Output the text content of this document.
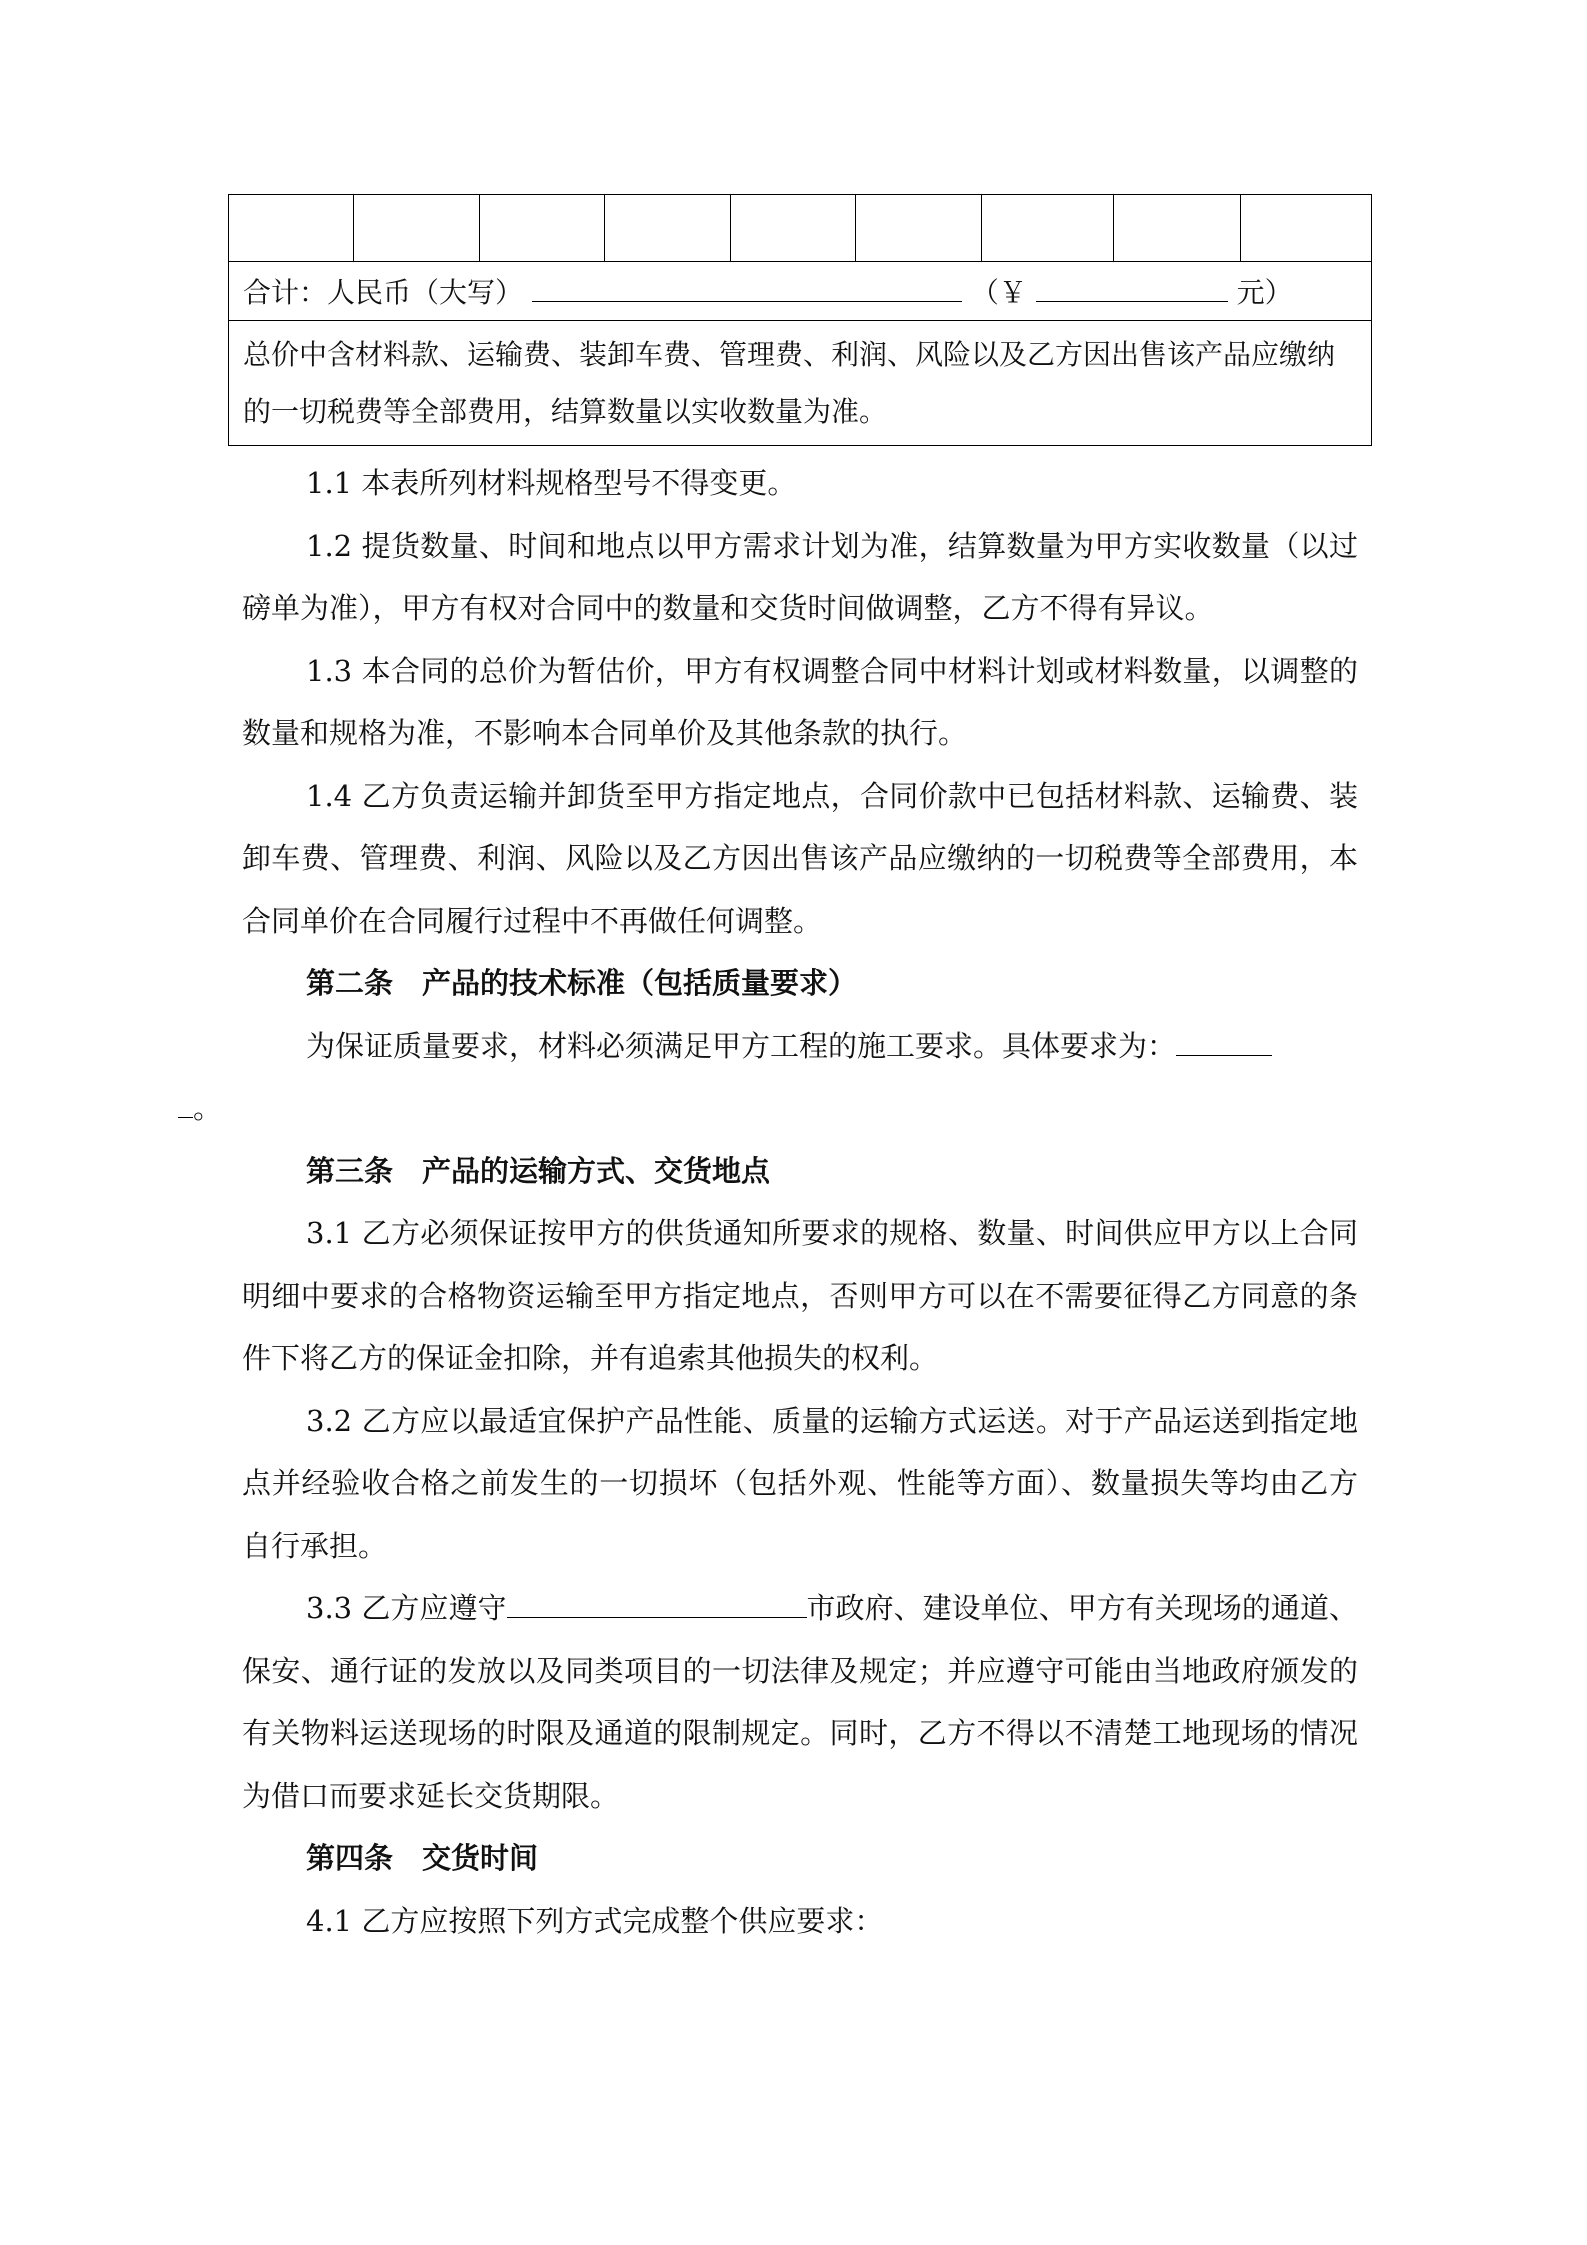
合计：人民币（大写）	（￥	元）
总价中含材料款、运输费、装卸车费、管理费、利润、风险以及乙方因出售该产品应缴纳的一切税费等全部费用，结算数量以实收数量为准。

1.1 本表所列材料规格型号不得变更。

1.2 提货数量、时间和地点以甲方需求计划为准，结算数量为甲方实收数量（以过磅单为准），甲方有权对合同中的数量和交货时间做调整，乙方不得有异议。

1.3 本合同的总价为暂估价，甲方有权调整合同中材料计划或材料数量，以调整的数量和规格为准，不影响本合同单价及其他条款的执行。

1.4 乙方负责运输并卸货至甲方指定地点，合同价款中已包括材料款、运输费、装卸车费、管理费、利润、风险以及乙方因出售该产品应缴纳的一切税费等全部费用，本合同单价在合同履行过程中不再做任何调整。

第二条　产品的技术标准（包括质量要求）

为保证质量要求，材料必须满足甲方工程的施工要求。具体要求为：
。

第三条　产品的运输方式、交货地点

3.1 乙方必须保证按甲方的供货通知所要求的规格、数量、时间供应甲方以上合同明细中要求的合格物资运输至甲方指定地点，否则甲方可以在不需要征得乙方同意的条件下将乙方的保证金扣除，并有追索其他损失的权利。

3.2 乙方应以最适宜保护产品性能、质量的运输方式运送。对于产品运送到指定地点并经验收合格之前发生的一切损坏（包括外观、性能等方面）、数量损失等均由乙方自行承担。

3.3 乙方应遵守	市政府、建设单位、甲方有关现场的通道、保安、通行证的发放以及同类项目的一切法律及规定；并应遵守可能由当地政府颁发的有关物料运送现场的时限及通道的限制规定。同时，乙方不得以不清楚工地现场的情况为借口而要求延长交货期限。

第四条　交货时间

4.1 乙方应按照下列方式完成整个供应要求：
